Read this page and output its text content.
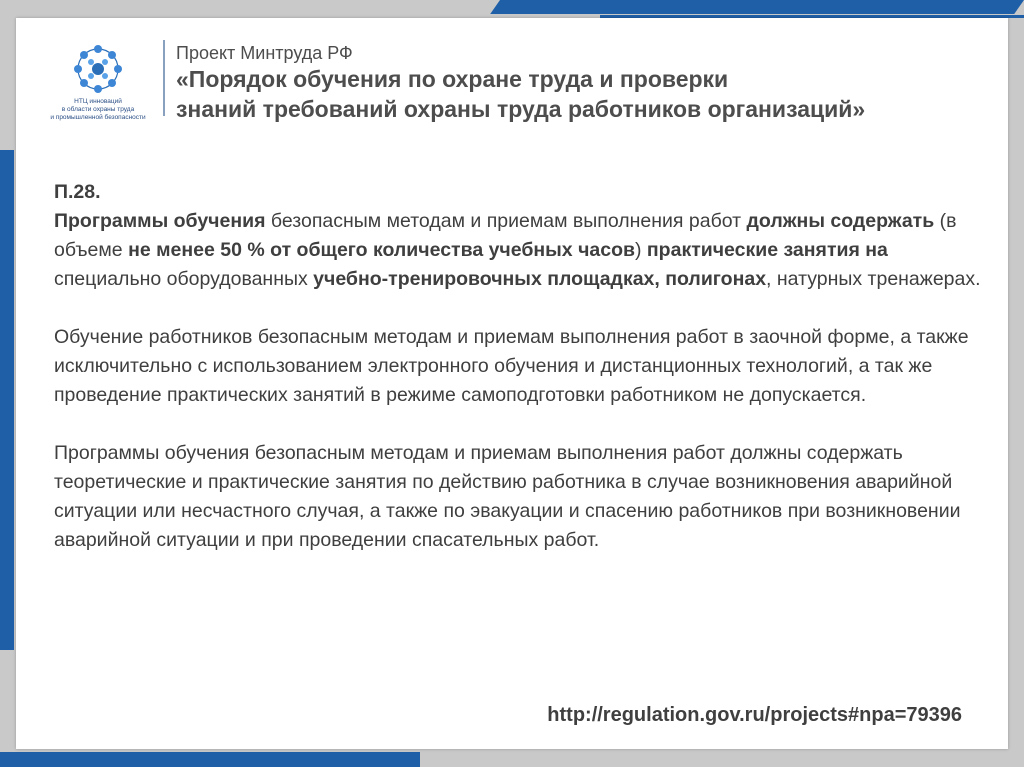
НТЦ инноваций
в области охраны труда
и промышленной безопасности
Проект Минтруда РФ
«Порядок обучения по охране труда и проверки
знаний требований охраны труда работников организаций»

П.28.
Программы обучения безопасным методам и приемам выполнения работ должны содержать (в объеме не менее 50 % от общего количества учебных часов) практические занятия на специально оборудованных учебно-тренировочных площадках, полигонах, натурных тренажерах.

Обучение работников безопасным методам и приемам выполнения работ в заочной форме, а также исключительно с использованием электронного обучения и дистанционных технологий, а так же проведение практических занятий в режиме самоподготовки работником не допускается.

Программы обучения безопасным методам и приемам выполнения работ должны содержать теоретические и практические занятия по действию работника в случае возникновения аварийной ситуации или несчастного случая, а также по эвакуации и спасению работников при возникновении аварийной ситуации и при проведении спасательных работ.

http://regulation.gov.ru/projects#npa=79396
